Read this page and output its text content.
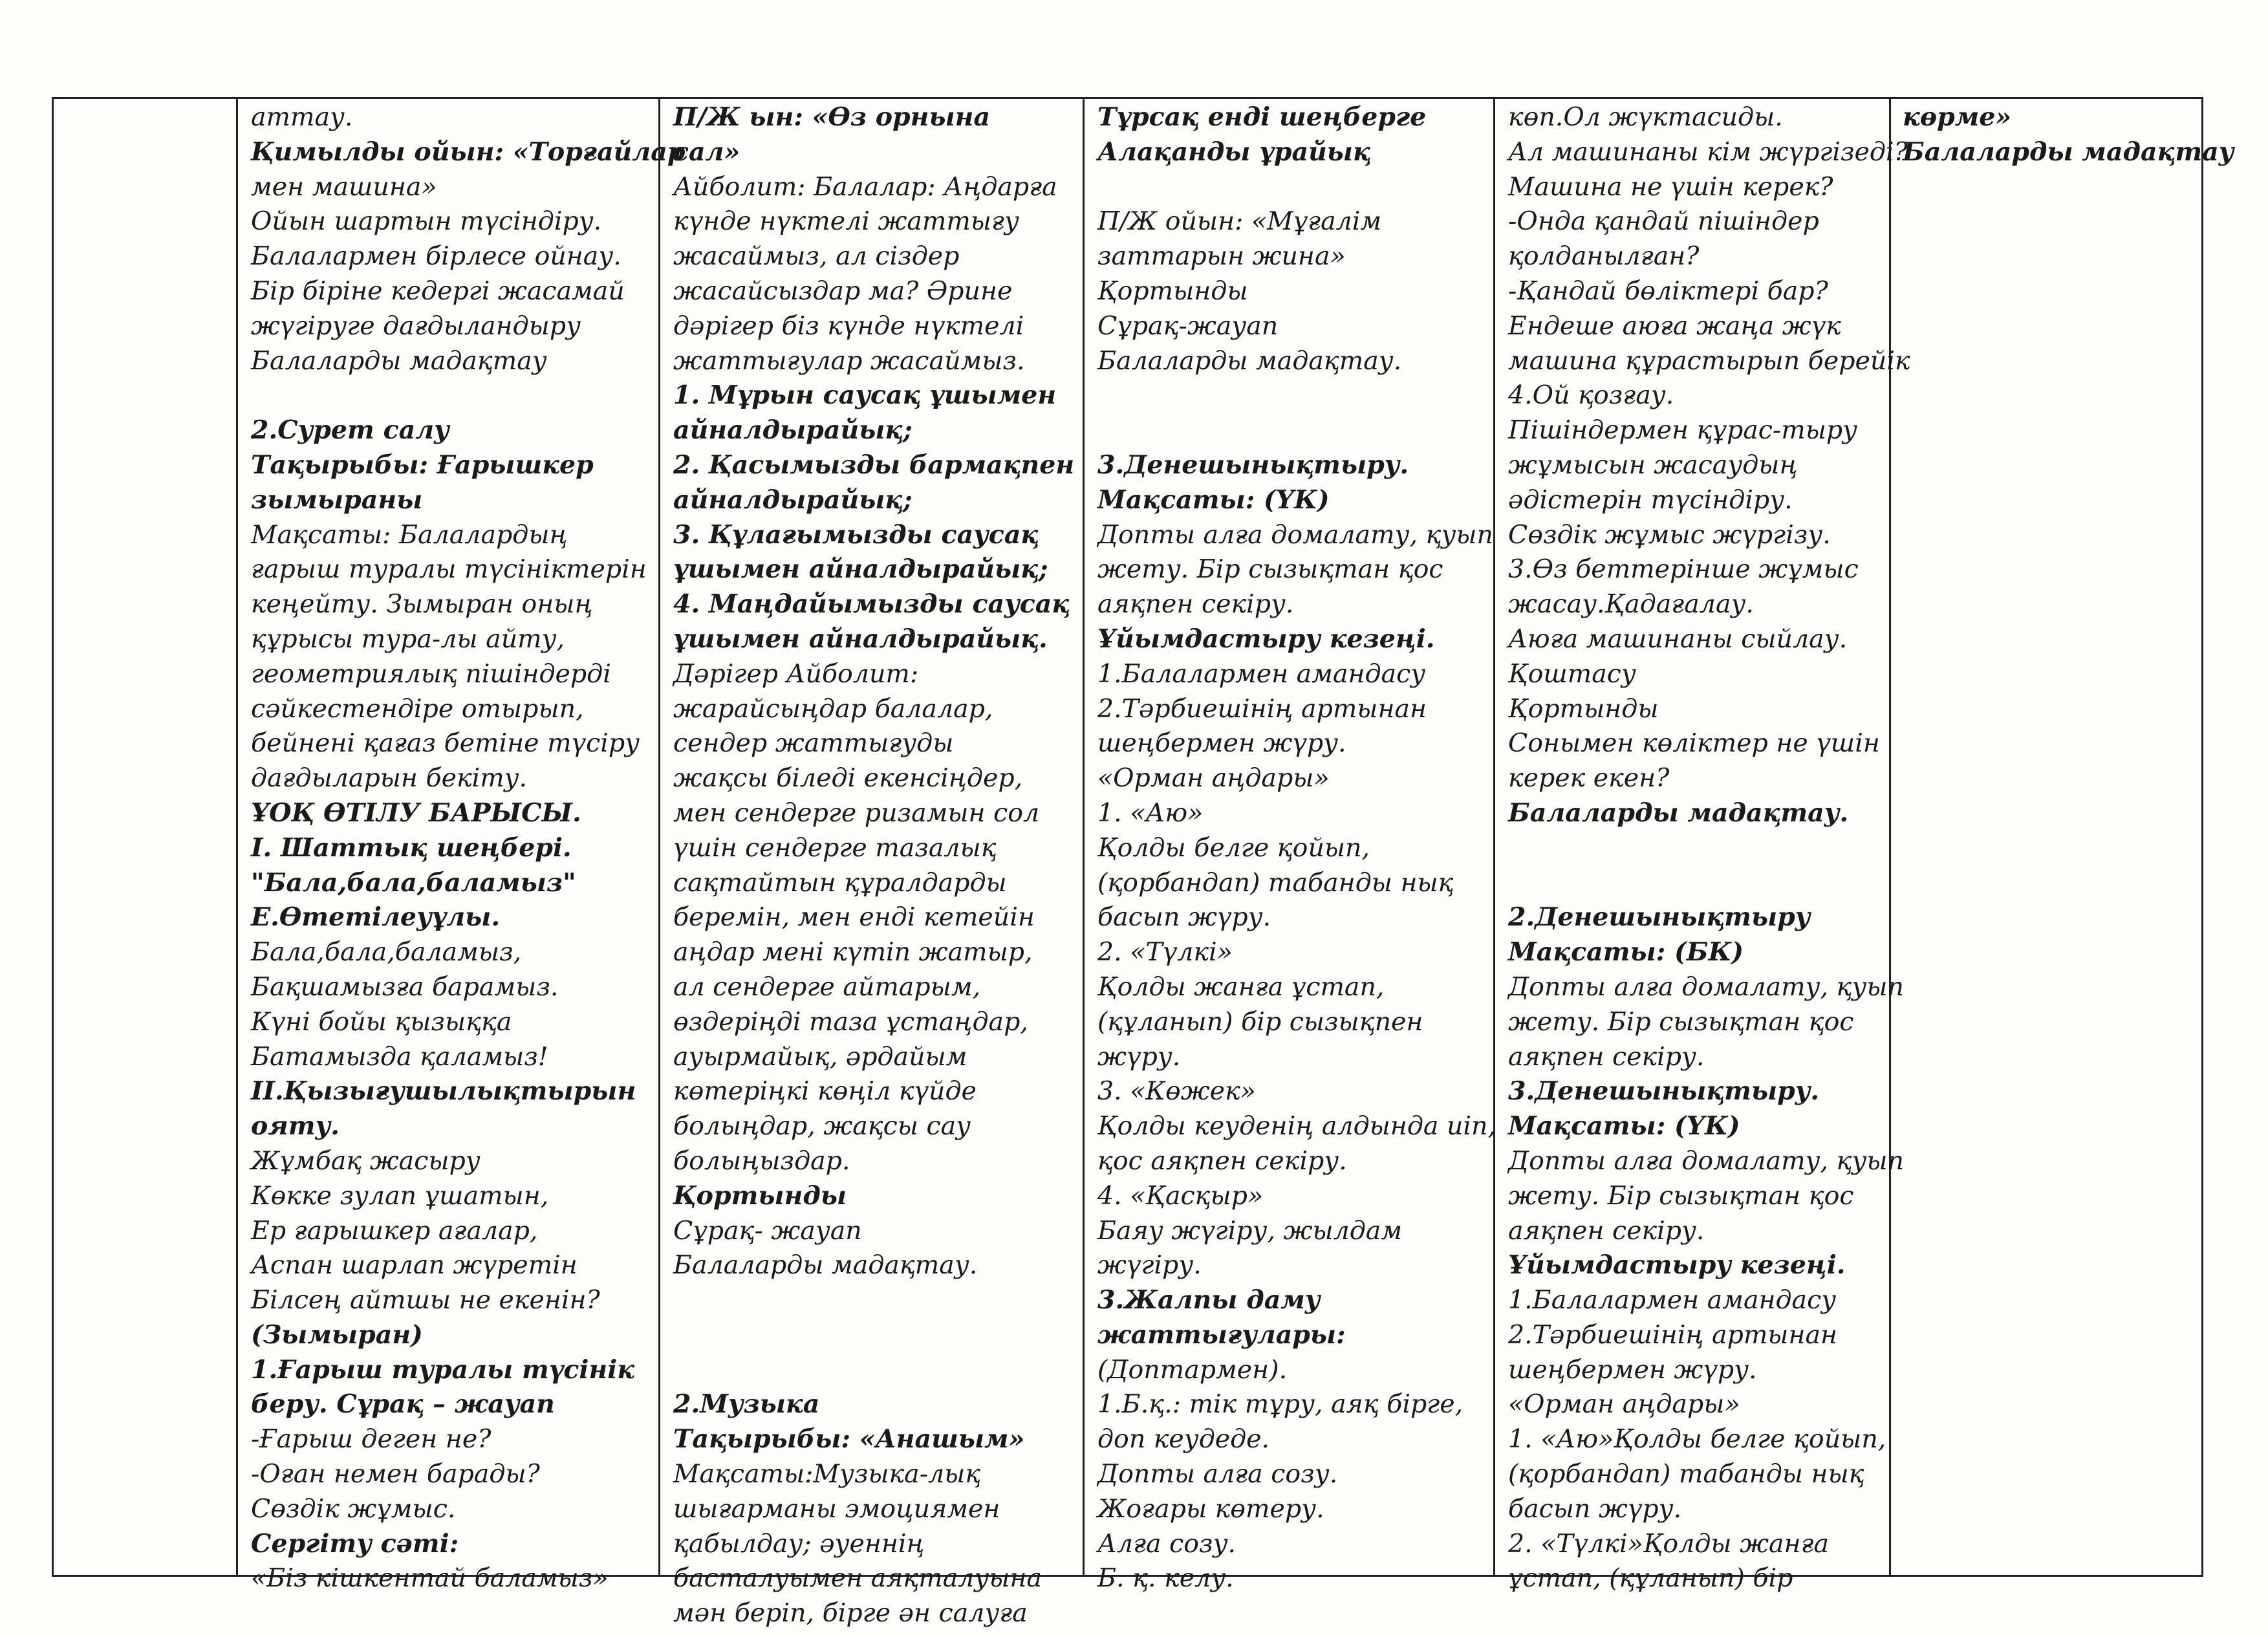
аттау.
Қимылды ойын: «Торғайлар
мен машина»
Ойын шартын түсіндіру.
Балалармен бірлесе ойнау.
Бір біріне кедергі жасамай
жүгіруге дағдыландыру
Балаларды мадақтау
2.Сурет салу
Тақырыбы: Ғарышкер
зымыраны
Мақсаты: Балалардың
ғарыш туралы түсініктерін
кеңейту. Зымыран оның
құрысы тура-лы айту,
геометриялық пішіндерді
сәйкестендіре отырып,
бейнені қағаз бетіне түсіру
дағдыларын бекіту.
ҰОҚ ӨТІЛУ БАРЫСЫ.
І. Шаттық шеңбері.
"Бала,бала,баламыз"
Е.Өтетілеуұлы.
Бала,бала,баламыз,
Бақшамызға барамыз.
Күні бойы қызыққа
Батамызда қаламыз!
ІІ.Қызығушылықтырын
ояту.
Жұмбақ жасыру
Көкке зулап ұшатын,
Ер ғарышкер ағалар,
Аспан шарлап жүретін
Білсең айтшы не екенін?
(Зымыран)
1.Ғарыш туралы түсінік
беру. Сұрақ – жауап
-Ғарыш деген не?
-Оған немен барады?
Сөздік жұмыс.
Сергіту сәті:
«Біз кішкентай баламыз»
П/Ж ын: «Өз орнына
сал»
Айболит: Балалар: Аңдарға
күнде нүктелі жаттығу
жасаймыз, ал сіздер
жасайсыздар ма? Әрине
дәрігер біз күнде нүктелі
жаттығулар жасаймыз.
1. Мұрын саусақ ұшымен
айналдырайық;
2. Қасымызды бармақпен
айналдырайық;
3. Құлағымызды саусақ
ұшымен айналдырайық;
4. Маңдайымызды саусақ
ұшымен айналдырайық.
Дәрігер Айболит:
жарайсыңдар балалар,
сендер жаттығуды
жақсы біледі екенсіңдер,
мен сендерге ризамын сол
үшін сендерге тазалық
сақтайтын құралдарды
беремін, мен енді кетейін
аңдар мені күтіп жатыр,
ал сендерге айтарым,
өздеріңді таза ұстаңдар,
ауырмайық, әрдайым
көтеріңкі көңіл күйде
болыңдар, жақсы сау
болыңыздар.
Қортынды
Сұрақ- жауап
Балаларды мадақтау.
2.Музыка
Тақырыбы: «Анашым»
Мақсаты:Музыка-лық
шығарманы эмоциямен
қабылдау; әуеннің
басталуымен аяқталуына
мән беріп, бірге ән салуға
Тұрсақ енді шеңберге
Алақанды ұрайық
П/Ж ойын: «Мұғалім
заттарын жина»
Қортынды
Сұрақ-жауап
Балаларды мадақтау.
3.Денешынықтыру.
Мақсаты: (ҮК)
Допты алға домалату, қуып
жету. Бір сызықтан қос
аяқпен секіру.
Ұйымдастыру кезеңі.
1.Балалармен амандасу
2.Тәрбиешінің артынан
шеңбермен жүру.
«Орман аңдары»
1. «Аю»
Қолды белге қойып,
(қорбандап) табанды нық
басып жүру.
2. «Түлкі»
Қолды жанға ұстап,
(құланып) бір сызықпен
жүру.
3. «Көжек»
Қолды кеуденің алдында иіп,
қос аяқпен секіру.
4. «Қасқыр»
Баяу жүгіру, жылдам
жүгіру.
3.Жалпы даму
жаттығулары:
(Доптармен).
1.Б.қ.: тік тұру, аяқ бірге,
доп кеудеде.
Допты алға созу.
Жоғары көтеру.
Алға созу.
Б. қ. келу.
көп.Ол жүктасиды.
Ал машинаны кім жүргізеді?
Машина не үшін керек?
-Онда қандай пішіндер
қолданылған?
-Қандай бөліктері бар?
Ендеше аюға жаңа жүк
машина құрастырып берейік
4.Ой қозғау.
Пішіндермен құрас-тыру
жұмысын жасаудың
әдістерін түсіндіру.
Сөздік жұмыс жүргізу.
3.Өз беттерінше жұмыс
жасау.Қадағалау.
Аюға машинаны сыйлау.
Қоштасу
Қортынды
Сонымен көліктер не үшін
керек екен?
Балаларды мадақтау.
2.Денешынықтыру
Мақсаты: (БК)
Допты алға домалату, қуып
жету. Бір сызықтан қос
аяқпен секіру.
3.Денешынықтыру.
Мақсаты: (ҮК)
Допты алға домалату, қуып
жету. Бір сызықтан қос
аяқпен секіру.
Ұйымдастыру кезеңі.
1.Балалармен амандасу
2.Тәрбиешінің артынан
шеңбермен жүру.
«Орман аңдары»
1. «Аю»Қолды белге қойып,
(қорбандап) табанды нық
басып жүру.
2. «Түлкі»Қолды жанға
ұстап, (құланып) бір
көрме»
Балаларды мадақтау
